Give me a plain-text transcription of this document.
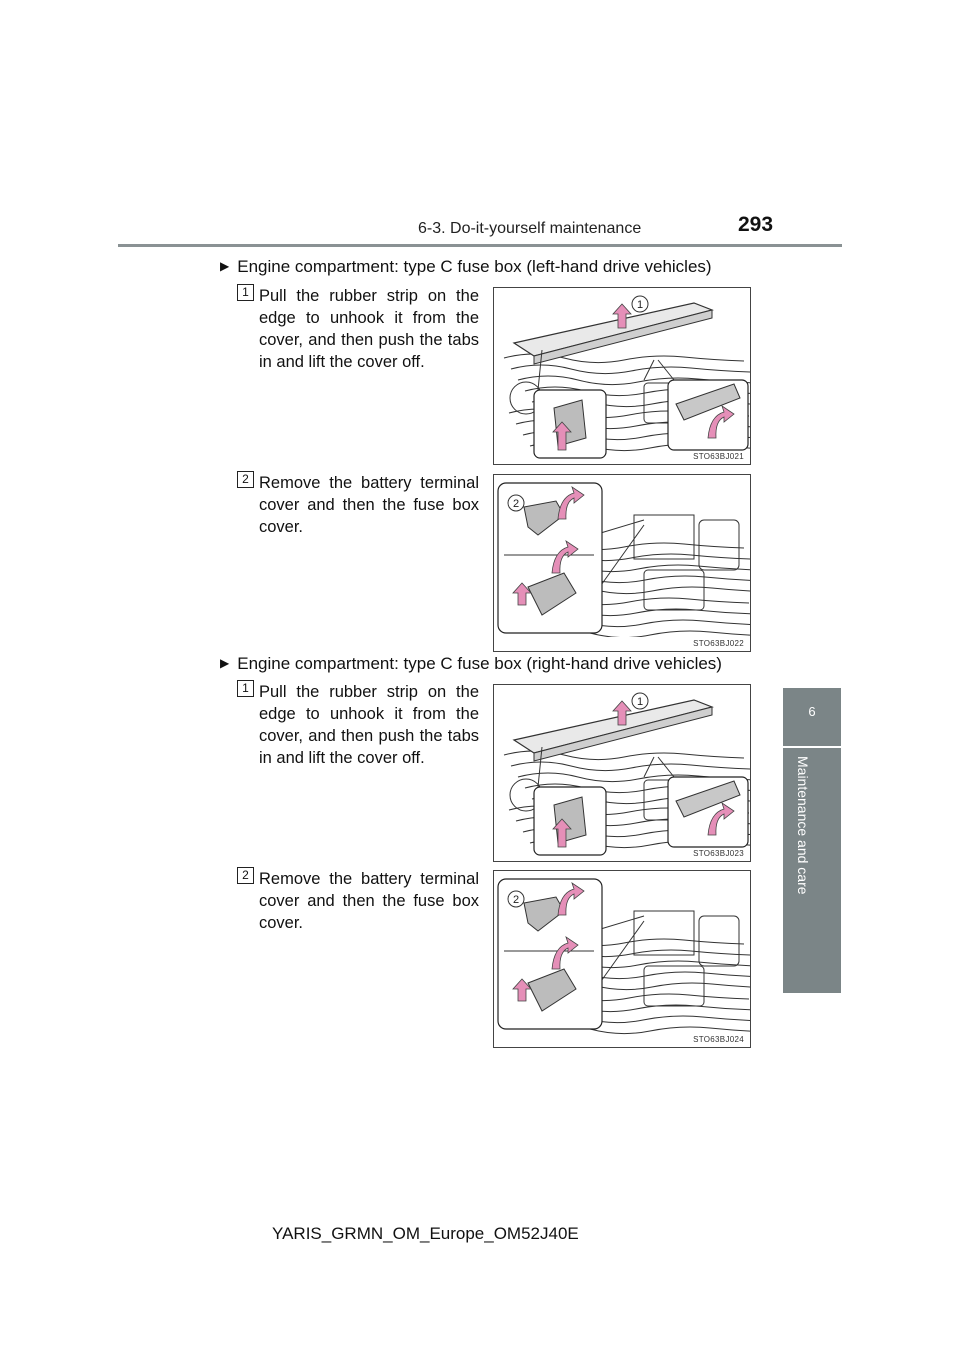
6-3. Do-it-yourself maintenance	293
6
Maintenance and care
▶ Engine compartment: type C fuse box (left-hand drive vehicles)
1 Pull the rubber strip on the edge to unhook it from the cover, and then push the tabs in and lift the cover off.
1
STO63BJ021
2 Remove the battery terminal cover and then the fuse box cover.
2
STO63BJ022
▶ Engine compartment: type C fuse box (right-hand drive vehicles)
1 Pull the rubber strip on the edge to unhook it from the cover, and then push the tabs in and lift the cover off.
1
STO63BJ023
2 Remove the battery terminal cover and then the fuse box cover.
2
STO63BJ024
YARIS_GRMN_OM_Europe_OM52J40E
